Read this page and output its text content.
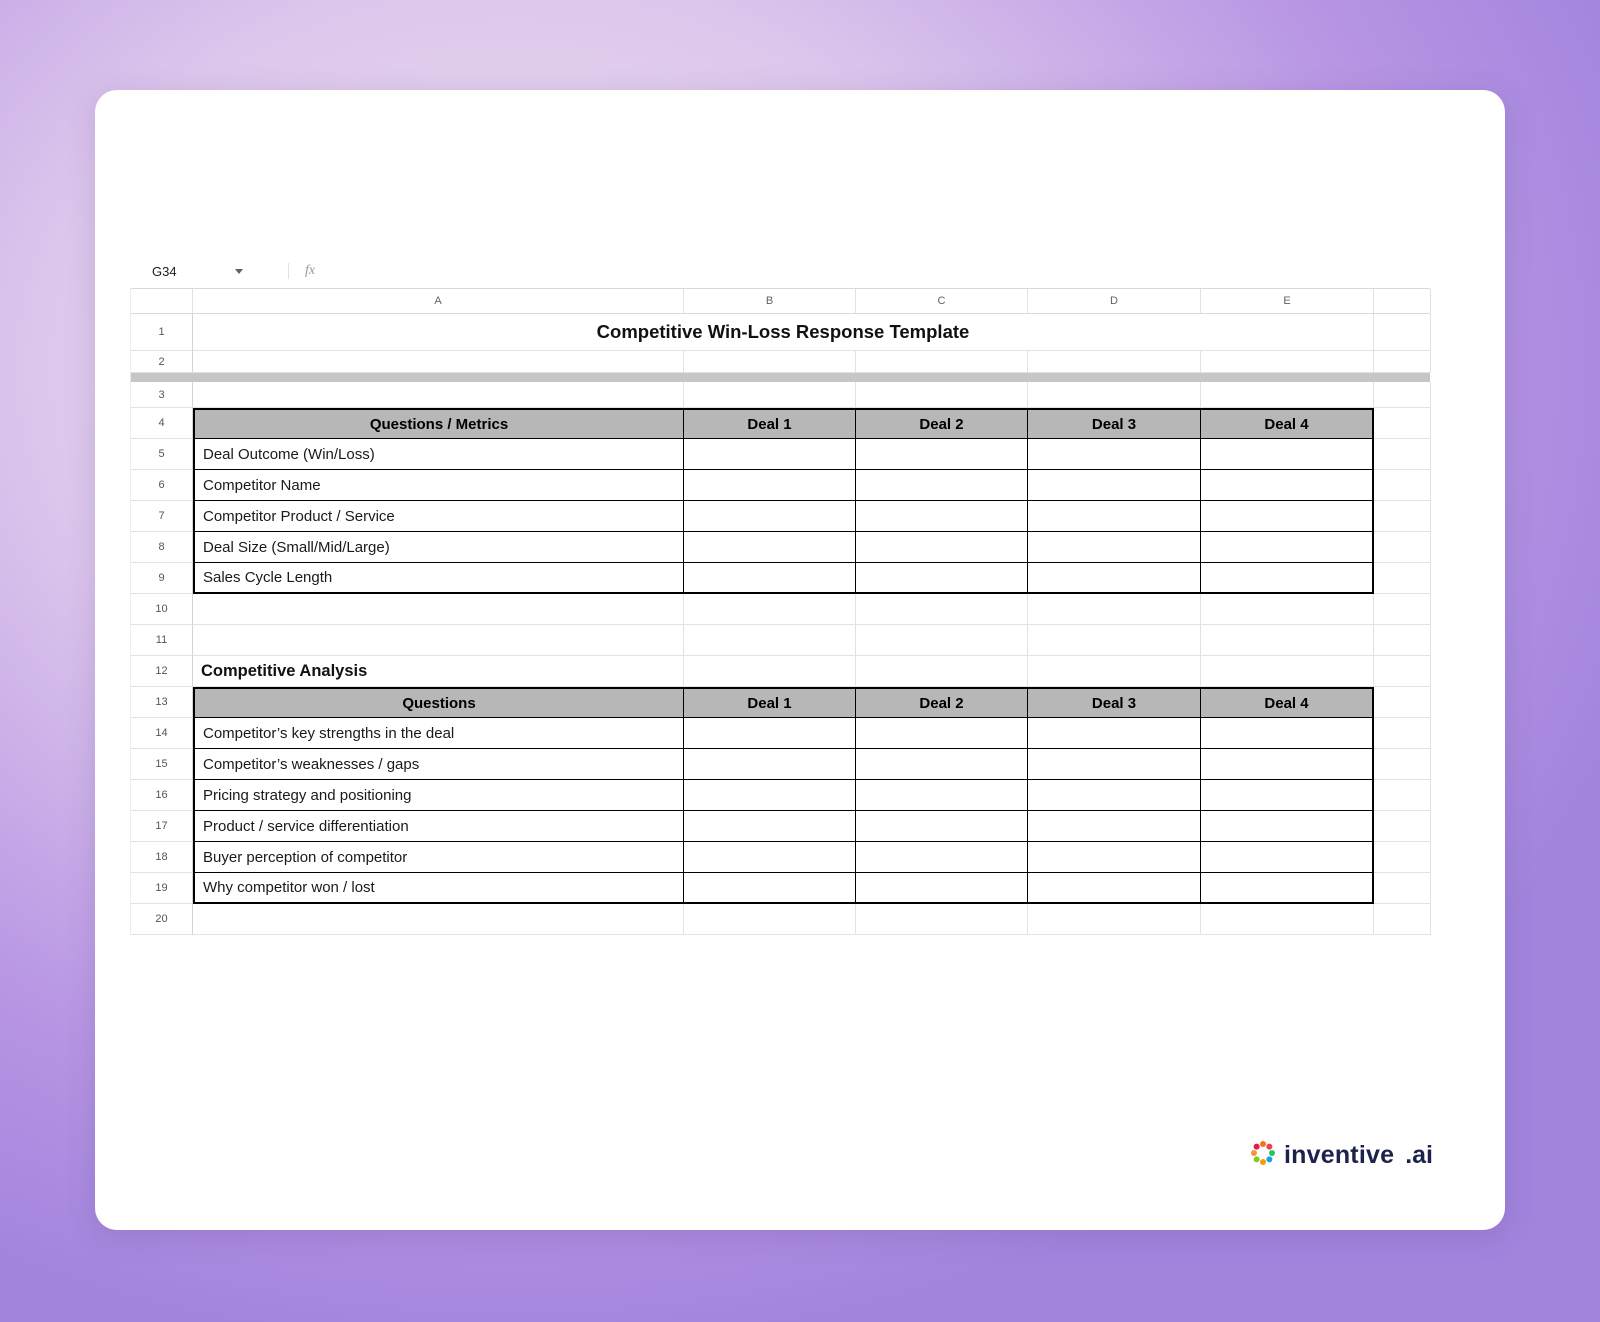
G34	fx
A	B	C	D	E
1	Competitive Win-Loss Response Template
2
3
4	Questions / Metrics	Deal 1	Deal 2	Deal 3	Deal 4
5	Deal Outcome (Win/Loss)
6	Competitor Name
7	Competitor Product / Service
8	Deal Size (Small/Mid/Large)
9	Sales Cycle Length
10
11
12	Competitive Analysis
13	Questions	Deal 1	Deal 2	Deal 3	Deal 4
14	Competitor’s key strengths in the deal
15	Competitor’s weaknesses / gaps
16	Pricing strategy and positioning
17	Product / service differentiation
18	Buyer perception of competitor
19	Why competitor won / lost
20
inventive .ai
